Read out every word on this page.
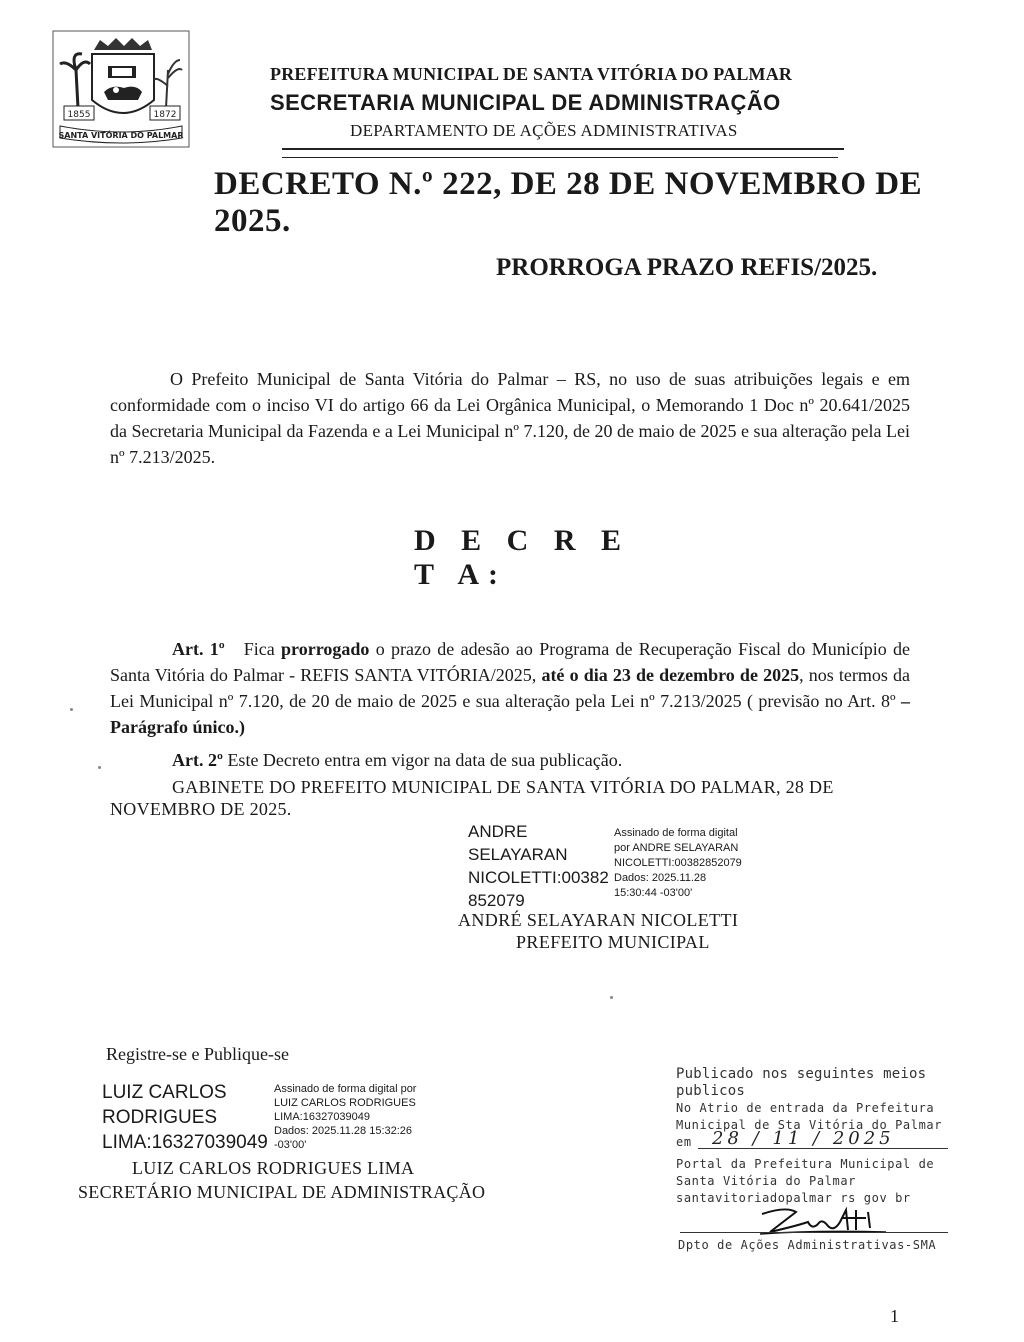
1855	1872
SANTA VITÓRIA DO PALMAR
PREFEITURA MUNICIPAL DE SANTA VITÓRIA DO PALMAR
SECRETARIA MUNICIPAL DE ADMINISTRAÇÃO
DEPARTAMENTO DE AÇÕES ADMINISTRATIVAS
DECRETO N.º 222, DE 28 DE NOVEMBRO DE 2025.
PRORROGA PRAZO REFIS/2025.
O Prefeito Municipal de Santa Vitória do Palmar – RS, no uso de suas atribuições legais e em conformidade com o inciso VI do artigo 66 da Lei Orgânica Municipal, o Memorando 1 Doc nº 20.641/2025 da Secretaria Municipal da Fazenda e a Lei Municipal nº 7.120, de 20 de maio de 2025 e sua alteração pela Lei nº 7.213/2025.
D E C R E T A:
Art. 1º Fica prorrogado o prazo de adesão ao Programa de Recuperação Fiscal do Município de Santa Vitória do Palmar - REFIS SANTA VITÓRIA/2025, até o dia 23 de dezembro de 2025, nos termos da Lei Municipal nº 7.120, de 20 de maio de 2025 e sua alteração pela Lei nº 7.213/2025 ( previsão no Art. 8º – Parágrafo único.)
Art. 2º Este Decreto entra em vigor na data de sua publicação.
GABINETE DO PREFEITO MUNICIPAL DE SANTA VITÓRIA DO PALMAR, 28 DE NOVEMBRO DE 2025.
ANDRE
SELAYARAN
NICOLETTI:00382
852079
Assinado de forma digital
por ANDRE SELAYARAN
NICOLETTI:00382852079
Dados: 2025.11.28
15:30:44 -03'00'
ANDRÉ SELAYARAN NICOLETTI
PREFEITO MUNICIPAL
Registre-se e Publique-se
LUIZ CARLOS
RODRIGUES
LIMA:16327039049
Assinado de forma digital por
LUIZ CARLOS RODRIGUES
LIMA:16327039049
Dados: 2025.11.28 15:32:26
-03'00'
LUIZ CARLOS RODRIGUES LIMA
SECRETÁRIO MUNICIPAL DE ADMINISTRAÇÃO
Publicado nos seguintes meios publicos
No Atrio de entrada da Prefeitura
Municipal de Sta Vitória do Palmar
em 28 / 11 / 2025
Portal da Prefeitura Municipal de
Santa Vitória do Palmar
santavitoriadopalmar rs gov br
Dpto de Ações Administrativas-SMA
1
